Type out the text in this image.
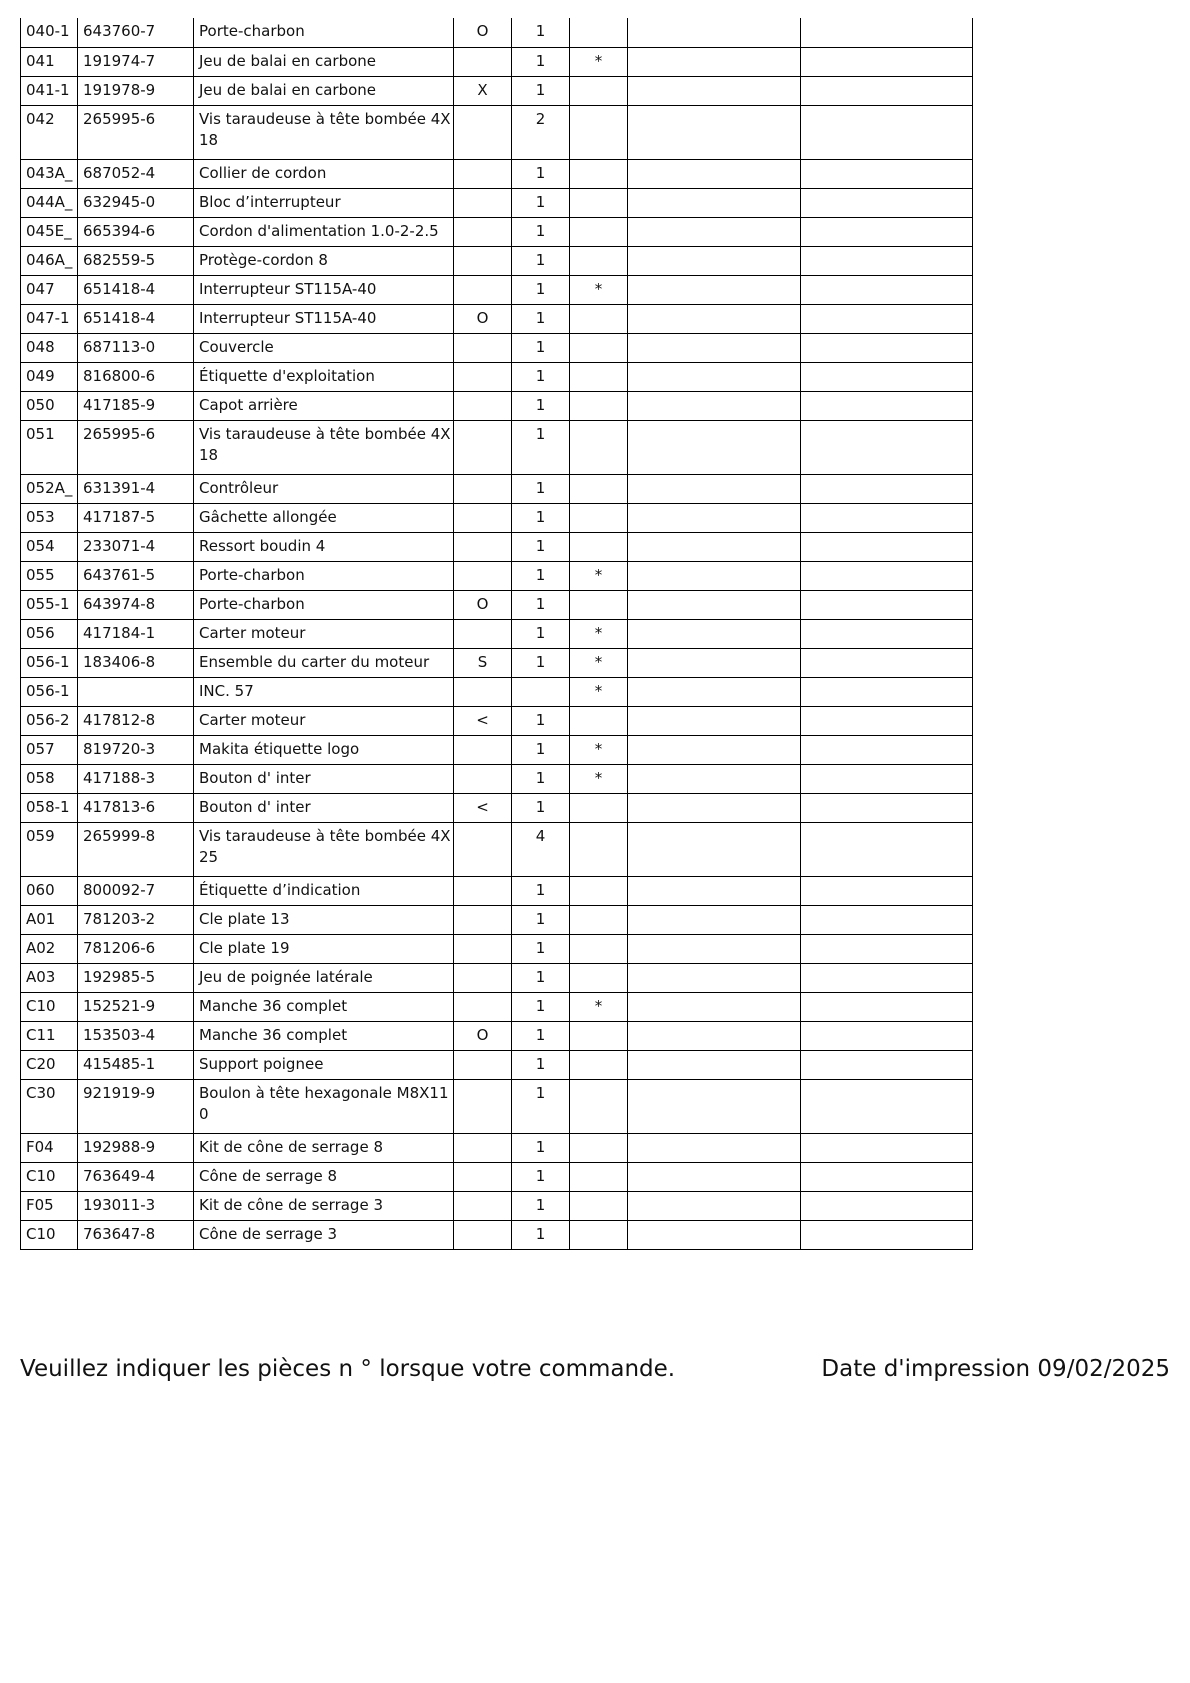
040-1	643760-7	Porte-charbon	O	1			
041	191974-7	Jeu de balai en carbone		1	*		
041-1	191978-9	Jeu de balai en carbone	X	1			
042	265995-6	Vis taraudeuse à tête bombée 4X 18		2			
043A_	687052-4	Collier de cordon		1			
044A_	632945-0	Bloc d’interrupteur		1			
045E_	665394-6	Cordon d'alimentation 1.0-2-2.5		1			
046A_	682559-5	Protège-cordon 8		1			
047	651418-4	Interrupteur ST115A-40		1	*		
047-1	651418-4	Interrupteur ST115A-40	O	1			
048	687113-0	Couvercle		1			
049	816800-6	Étiquette d'exploitation		1			
050	417185-9	Capot arrière		1			
051	265995-6	Vis taraudeuse à tête bombée 4X 18		1			
052A_	631391-4	Contrôleur		1			
053	417187-5	Gâchette allongée		1			
054	233071-4	Ressort boudin 4		1			
055	643761-5	Porte-charbon		1	*		
055-1	643974-8	Porte-charbon	O	1			
056	417184-1	Carter moteur		1	*		
056-1	183406-8	Ensemble du carter du moteur	S	1	*		
056-1		INC. 57			*		
056-2	417812-8	Carter moteur	<	1			
057	819720-3	Makita étiquette logo		1	*		
058	417188-3	Bouton d' inter		1	*		
058-1	417813-6	Bouton d' inter	<	1			
059	265999-8	Vis taraudeuse à tête bombée 4X 25		4			
060	800092-7	Étiquette d’indication		1			
A01	781203-2	Cle plate 13		1			
A02	781206-6	Cle plate 19		1			
A03	192985-5	Jeu de poignée latérale		1			
C10	152521-9	Manche 36 complet		1	*		
C11	153503-4	Manche 36 complet	O	1			
C20	415485-1	Support poignee		1			
C30	921919-9	Boulon à tête hexagonale M8X11 0		1			
F04	192988-9	Kit de cône de serrage 8		1			
C10	763649-4	Cône de serrage 8		1			
F05	193011-3	Kit de cône de serrage 3		1			
C10	763647-8	Cône de serrage 3		1			
Veuillez indiquer les pièces n ° lorsque votre commande.	Date d'impression 09/02/2025
